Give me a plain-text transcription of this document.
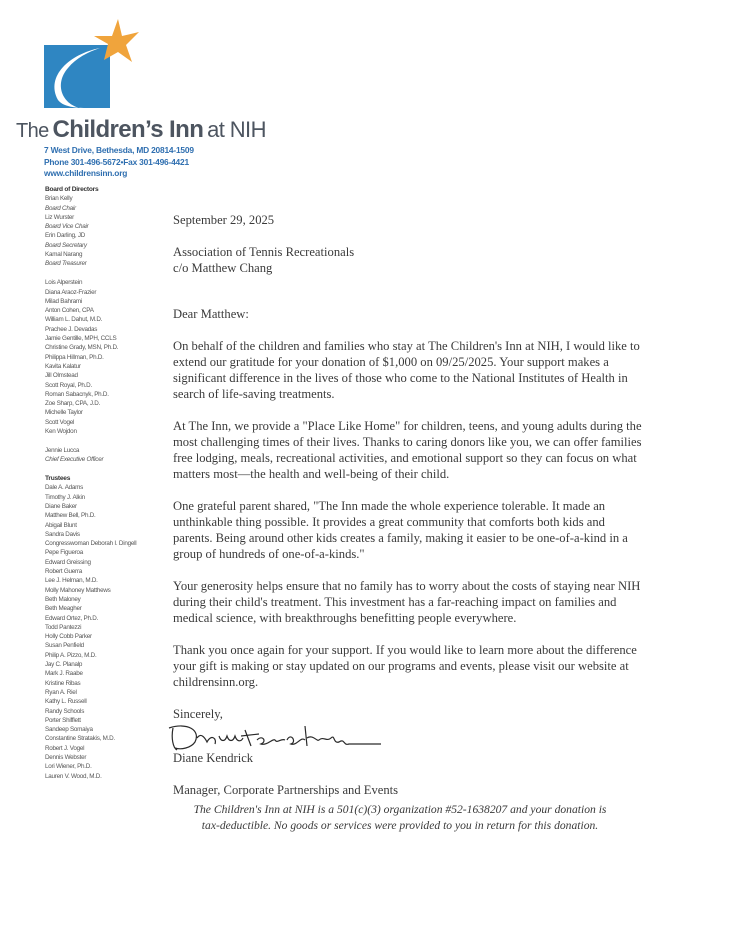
The Children’s Inn at NIH
7 West Drive, Bethesda, MD 20814-1509
Phone 301-496-5672•Fax 301-496-4421
www.childrensinn.org
Board of Directors
Brian Kelly
Board Chair
Liz Wurster
Board Vice Chair
Erin Darling, JD
Board Secretary
Kamal Narang
Board Treasurer
Lois Alperstein
Diana Araoz-Frazier
Milad Bahrami
Anton Cohen, CPA
William L. Dahut, M.D.
Prachee J. Devadas
Jamie Gentille, MPH, CCLS
Christine Grady, MSN, Ph.D.
Philippa Hillman, Ph.D.
Kavita Kalatur
Jill Olmstead
Scott Royal, Ph.D.
Roman Sabacnyk, Ph.D.
Zoe Sharp, CPA, J.D.
Michelle Taylor
Scott Vogel
Ken Wojdon
Jennie Lucca
Chief Executive Officer
Trustees
Dale A. Adams
Timothy J. Alkin
Diane Baker
Matthew Bell, Ph.D.
Abigail Blunt
Sandra Davis
Congresswoman Deborah I. Dingell
Pepe Figueroa
Edward Greissing
Robert Guerra
Lee J. Helman, M.D.
Molly Mahoney Matthews
Beth Maloney
Beth Meagher
Edward Ortez, Ph.D.
Todd Pantezzi
Holly Cobb Parker
Susan Penfield
Philip A. Pizzo, M.D.
Jay C. Planalp
Mark J. Raabe
Kristine Ribas
Ryan A. Riel
Kathy L. Russell
Randy Schools
Porter Shifflett
Sandeep Somaiya
Constantine Stratakis, M.D.
Robert J. Vogel
Dennis Webster
Lori Wiener, Ph.D.
Lauren V. Wood, M.D.

September 29, 2025

Association of Tennis Recreationals

c/o Matthew Chang

Dear Matthew:

On behalf of the children and families who stay at The Children's Inn at NIH, I would like to extend our gratitude for your donation of $1,000 on 09/25/2025. Your support makes a significant difference in the lives of those who come to the National Institutes of Health in search of life-saving treatments.

At The Inn, we provide a "Place Like Home" for children, teens, and young adults during the most challenging times of their lives. Thanks to caring donors like you, we can offer families free lodging, meals, recreational activities, and emotional support so they can focus on what matters most—the health and well-being of their child.

One grateful parent shared, "The Inn made the whole experience tolerable. It made an unthinkable thing possible. It provides a great community that comforts both kids and parents. Being around other kids creates a family, making it easier to be one-of-a-kind in a group of hundreds of one-of-a-kinds."

Your generosity helps ensure that no family has to worry about the costs of staying near NIH during their child's treatment. This investment has a far-reaching impact on families and medical science, with breakthroughs benefitting people everywhere.

Thank you once again for your support. If you would like to learn more about the difference your gift is making or stay updated on our programs and events, please visit our website at childrensinn.org.

Sincerely,

Diane Kendrick

Manager, Corporate Partnerships and Events

The Children's Inn at NIH is a 501(c)(3) organization #52-1638207 and your donation is tax-deductible. No goods or services were provided to you in return for this donation.
